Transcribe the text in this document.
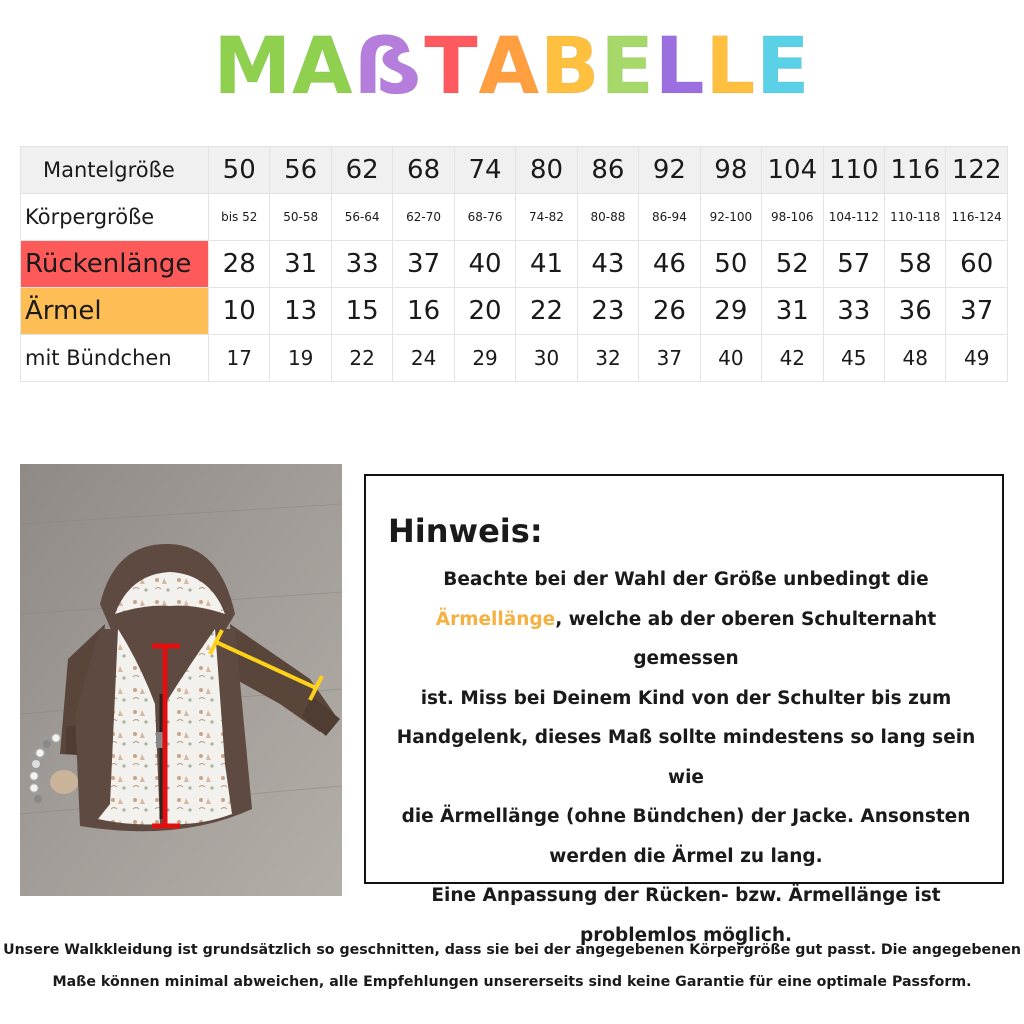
MAẞTABELLE
Mantelgröße	50	56	62	68	74	80	86	92	98	104	110	116	122
Körpergröße	bis 52	50-58	56-64	62-70	68-76	74-82	80-88	86-94	92-100	98-106	104-112	110-118	116-124
Rückenlänge	28	31	33	37	40	41	43	46	50	52	57	58	60
Ärmel	10	13	15	16	20	22	23	26	29	31	33	36	37
mit Bündchen	17	19	22	24	29	30	32	37	40	42	45	48	49
Hinweis:
Beachte bei der Wahl der Größe unbedingt die
Ärmellänge, welche ab der oberen Schulternaht gemessen
ist. Miss bei Deinem Kind von der Schulter bis zum
Handgelenk, dieses Maß sollte mindestens so lang sein wie
die Ärmellänge (ohne Bündchen) der Jacke. Ansonsten
werden die Ärmel zu lang.
Eine Anpassung der Rücken- bzw. Ärmellänge ist
problemlos möglich.
Unsere Walkkleidung ist grundsätzlich so geschnitten, dass sie bei der angegebenen Körpergröße gut passt. Die angegebenen
Maße können minimal abweichen, alle Empfehlungen unsererseits sind keine Garantie für eine optimale Passform.
